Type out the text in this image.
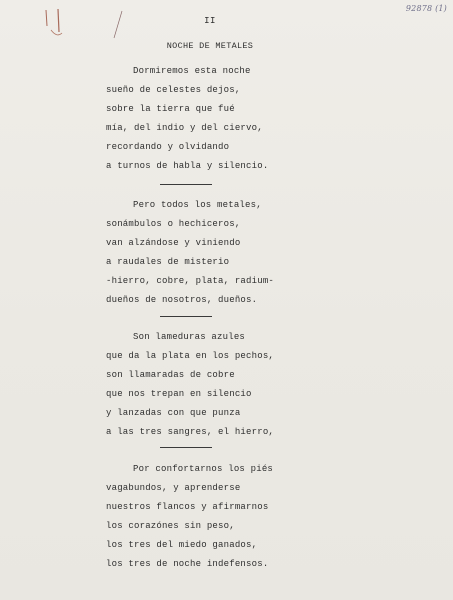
92878 (1)
II
NOCHE DE METALES
Dormiremos esta noche
sueño de celestes dejos,
sobre la tierra que fué
mía, del indio y del ciervo,
recordando y olvidando
a turnos de habla y silencio.
Pero todos los metales,
sonámbulos o hechiceros,
van alzándose y viniendo
a raudales de misterio
-hierro, cobre, plata, radium-
dueños de nosotros, dueños.
Son lameduras azules
que da la plata en los pechos,
son llamaradas de cobre
que nos trepan en silencio
y lanzadas con que punza
a las tres sangres, el hierro,
Por confortarnos los piés
vagabundos, y aprenderse
nuestros flancos y afirmarnos
los corazónes sin peso,
los tres del miedo ganados,
los tres de noche indefensos.
